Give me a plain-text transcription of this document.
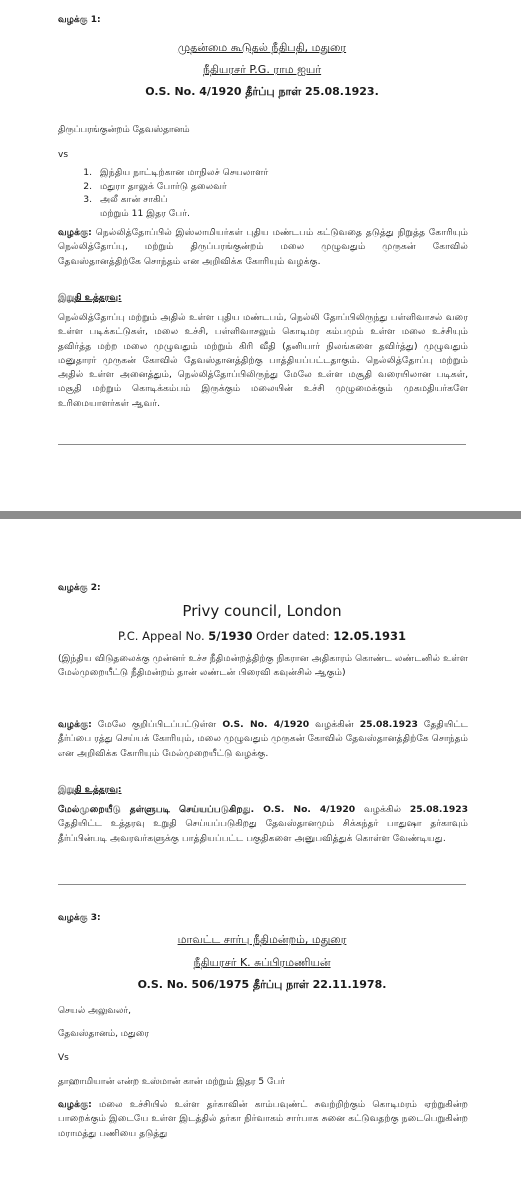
வழக்கு 1:
முதன்மை கூடுதல் நீதிபதி, மதுரை
நீதியரசர் P.G. ராம ஐயர்
O.S. No. 4/1920 தீர்ப்பு நாள் 25.08.1923.
திருப்பரங்குன்றம் தேவஸ்தானம்
vs
1. இந்திய நாட்டிற்கான மாநிலச் செயலாளர்
2. மதுரா தாலுக் போர்டு தலைவர்
3. அலீ கான் சாகிப்
மற்றும் 11 இதர பேர்.
வழக்கு: நெல்லித்தோப்பில் இஸ்லாமியர்கள் புதிய மண்டபம் கட்டுவதை தடுத்து நிறுத்த கோரியும் நெல்லித்தோப்பு, மற்றும் திருப்பரங்குன்றம் மலை முழுவதும் முருகன் கோவில் தேவஸ்தானத்திற்கே சொந்தம் என அறிவிக்க கோரியும் வழக்கு.
இறுதி உத்தரவு:
நெல்லித்தோப்பு மற்றும் அதில் உள்ள புதிய மண்டபம், நெல்லி தோப்பிலிருந்து பள்ளிவாசல் வரை உள்ள படிக்கட்டுகள், மலை உச்சி, பள்ளிவாசலும் கொடிமர கம்பமும் உள்ள மலை உச்சியும் தவிர்த்த மற்ற மலை முழுவதும் மற்றும் கிரி வீதி (தனியார் நிலங்களை தவிர்த்து) முழுவதும் மனுதாரர் முருகன் கோவில் தேவஸ்தானத்திற்கு பாத்தியப்பட்டதாகும். நெல்லித்தோப்பு மற்றும் அதில் உள்ள அனைத்தும், நெல்லித்தோப்பிலிருந்து மேலே உள்ள மசூதி வரையிலான படிகள், மசூதி மற்றும் கொடிக்கம்பம் இருக்கும் மலையின் உச்சி முழுமைக்கும் முகமதியர்களே உரிமையாளர்கள் ஆவர்.
வழக்கு 2:
Privy council, London
P.C. Appeal No. 5/1930 Order dated: 12.05.1931
(இந்திய விடுதலைக்கு முன்னர் உச்ச நீதிமன்றத்திற்கு நிகரான அதிகாரம் கொண்ட லண்டனில் உள்ள மேல்முறையீட்டு நீதிமன்றம் தான் லண்டன் பிரைவி கவுன்சில் ஆகும்)
வழக்கு: மேலே குறிப்பிடப்பட்டுள்ள O.S. No. 4/1920 வழக்கின் 25.08.1923 தேதியிட்ட தீர்ப்பை ரத்து செய்யக் கோரியும், மலை முழுவதும் முருகன் கோவில் தேவஸ்தானத்திற்கே சொந்தம் என அறிவிக்க கோரியும் மேல்முறையீட்டு வழக்கு.
இறுதி உத்தரவு:
மேல்முறையீடு தள்ளுபடி செய்யப்படுகிறது. O.S. No. 4/1920 வழக்கில் 25.08.1923 தேதியிட்ட உத்தரவு உறுதி செய்யப்படுகிறது தேவஸ்தானமும் சிக்கந்தர் பாதுஷா தர்காவும் தீர்ப்பின்படி அவரவர்களுக்கு பாத்தியப்பட்ட பகுதிகளை அனுபவித்துக் கொள்ள வேண்டியது.
வழக்கு 3:
மாவட்ட சார்பு நீதிமன்றம், மதுரை
நீதியரசர் K. சுப்பிரமணியன்
O.S. No. 506/1975 தீர்ப்பு நாள் 22.11.1978.
செயல் அலுவலர்,
தேவஸ்தானம், மதுரை
Vs
தாஹாமியான் என்ற உஸ்மான் கான் மற்றும் இதர 5 பேர்
வழக்கு: மலை உச்சியில் உள்ள தர்காவின் காம்பவுண்ட் சுவற்றிற்கும் கொடிமரம் ஏற்றுகின்ற பாறைக்கும் இடையே உள்ள இடத்தில் தர்கா நிர்வாகம் சார்பாக சுனை கட்டுவதற்கு நடைபெறுகின்ற மராமத்து பணியை தடுத்து
